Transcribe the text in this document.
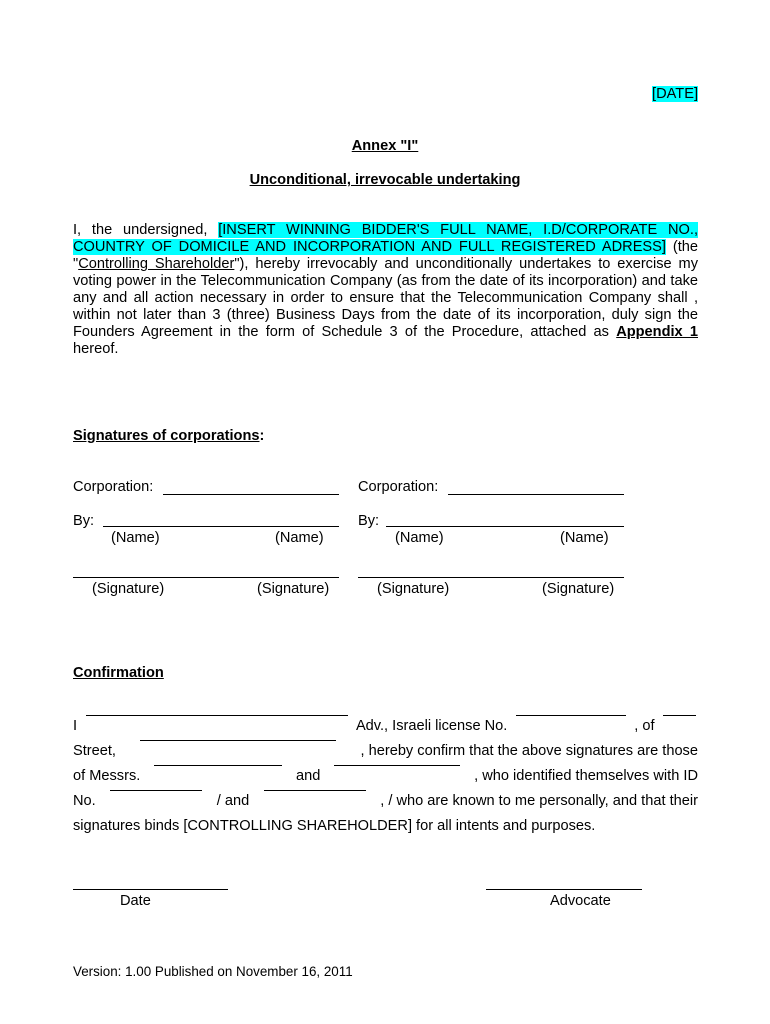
[DATE]
Annex "I"
Unconditional, irrevocable undertaking
I, the undersigned, [INSERT WINNING BIDDER'S FULL NAME, I.D/CORPORATE NO., COUNTRY OF DOMICILE AND INCORPORATION AND FULL REGISTERED ADRESS] (the "Controlling Shareholder"), hereby irrevocably and unconditionally undertakes to exercise my voting power in the Telecommunication Company (as from the date of its incorporation) and take any and all action necessary in order to ensure that the Telecommunication Company shall , within not later than 3 (three) Business Days from the date of its incorporation, duly sign the Founders Agreement in the form of Schedule 3 of the Procedure, attached as Appendix 1 hereof.
Signatures of corporations:
Corporation:	Corporation:
By:	By:
(Name)	(Name)	(Name)	(Name)
(Signature)	(Signature)	(Signature)	(Signature)
Confirmation
I	Adv., Israeli license No.	, of
Street,	, hereby confirm that the above signatures are those
of Messrs.	and	, who identified themselves with ID
No.	/ and	, / who are known to me personally, and that their
signatures binds [CONTROLLING SHAREHOLDER] for all intents and purposes.
Date	Advocate
Version: 1.00 Published on November 16, 2011
